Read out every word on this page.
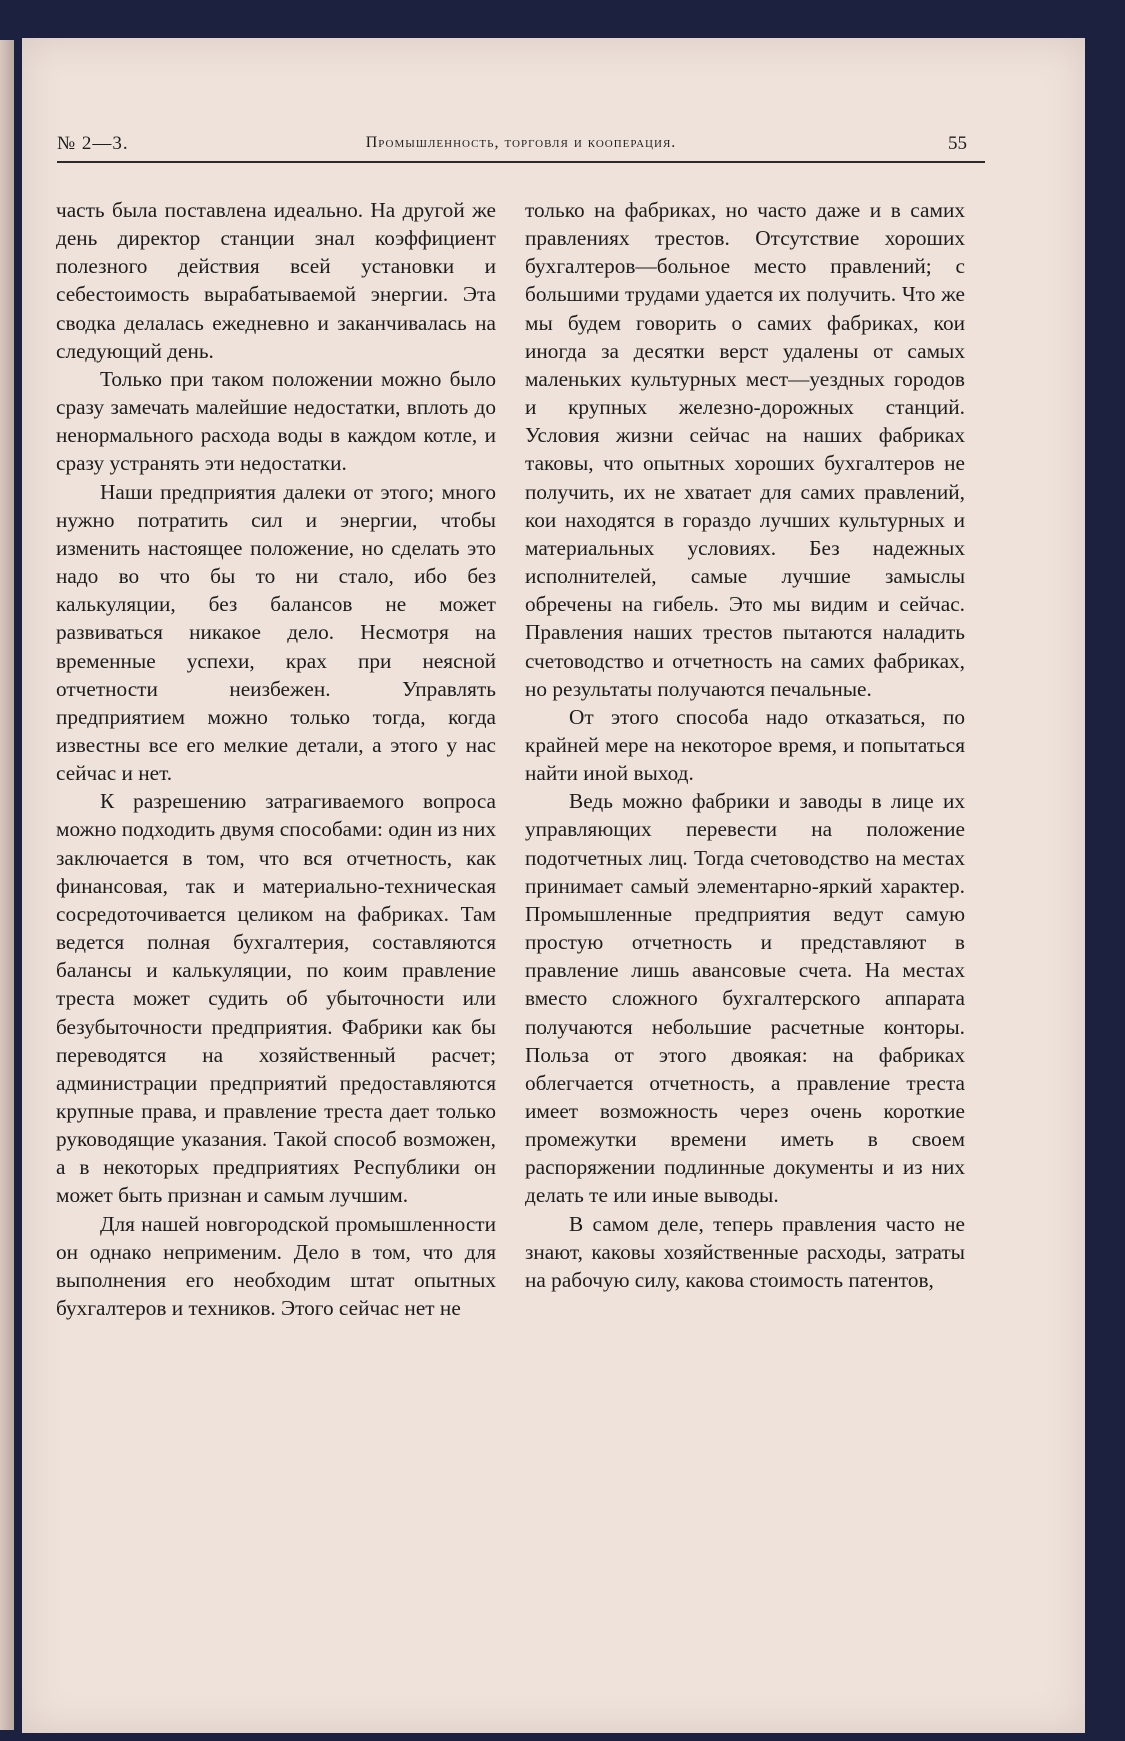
№ 2—3.	Промышленность, торговля и кооперация.	55

часть была поставлена идеально. На другой же день директор станции знал коэффициент полезного действия всей установки и себестоимость вырабатываемой энергии. Эта сводка делалась ежедневно и заканчивалась на следующий день.

Только при таком положении можно было сразу замечать малейшие недостатки, вплоть до ненормального расхода воды в каждом котле, и сразу устранять эти недостатки.

Наши предприятия далеки от этого; много нужно потратить сил и энергии, чтобы изменить настоящее положение, но сделать это надо во что бы то ни стало, ибо без калькуляции, без балансов не может развиваться никакое дело. Несмотря на временные успехи, крах при неясной отчетности неизбежен. Управлять предприятием можно только тогда, когда известны все его мелкие детали, а этого у нас сейчас и нет.

К разрешению затрагиваемого вопроса можно подходить двумя способами: один из них заключается в том, что вся отчетность, как финансовая, так и материально-техническая сосредоточивается целиком на фабриках. Там ведется полная бухгалтерия, составляются балансы и калькуляции, по коим правление треста может судить об убыточности или безубыточности предприятия. Фабрики как бы переводятся на хозяйственный расчет; администрации предприятий предоставляются крупные права, и правление треста дает только руководящие указания. Такой способ возможен, а в некоторых предприятиях Республики он может быть признан и самым лучшим.

Для нашей новгородской промышленности он однако неприменим. Дело в том, что для выполнения его необходим штат опытных бухгалтеров и техников. Этого сейчас нет не

только на фабриках, но часто даже и в самих правлениях трестов. Отсутствие хороших бухгалтеров—больное место правлений; с большими трудами удается их получить. Что же мы будем говорить о самих фабриках, кои иногда за десятки верст удалены от самых маленьких культурных мест—уездных городов и крупных железно-дорожных станций. Условия жизни сейчас на наших фабриках таковы, что опытных хороших бухгалтеров не получить, их не хватает для самих правлений, кои находятся в гораздо лучших культурных и материальных условиях. Без надежных исполнителей, самые лучшие замыслы обречены на гибель. Это мы видим и сейчас. Правления наших трестов пытаются наладить счетоводство и отчетность на самих фабриках, но результаты получаются печальные.

От этого способа надо отказаться, по крайней мере на некоторое время, и попытаться найти иной выход.

Ведь можно фабрики и заводы в лице их управляющих перевести на положение подотчетных лиц. Тогда счетоводство на местах принимает самый элементарно-яркий характер. Промышленные предприятия ведут самую простую отчетность и представляют в правление лишь авансовые счета. На местах вместо сложного бухгалтерского аппарата получаются небольшие расчетные конторы. Польза от этого двоякая: на фабриках облегчается отчетность, а правление треста имеет возможность через очень короткие промежутки времени иметь в своем распоряжении подлинные документы и из них делать те или иные выводы.

В самом деле, теперь правления часто не знают, каковы хозяйственные расходы, затраты на рабочую силу, какова стоимость патентов,
